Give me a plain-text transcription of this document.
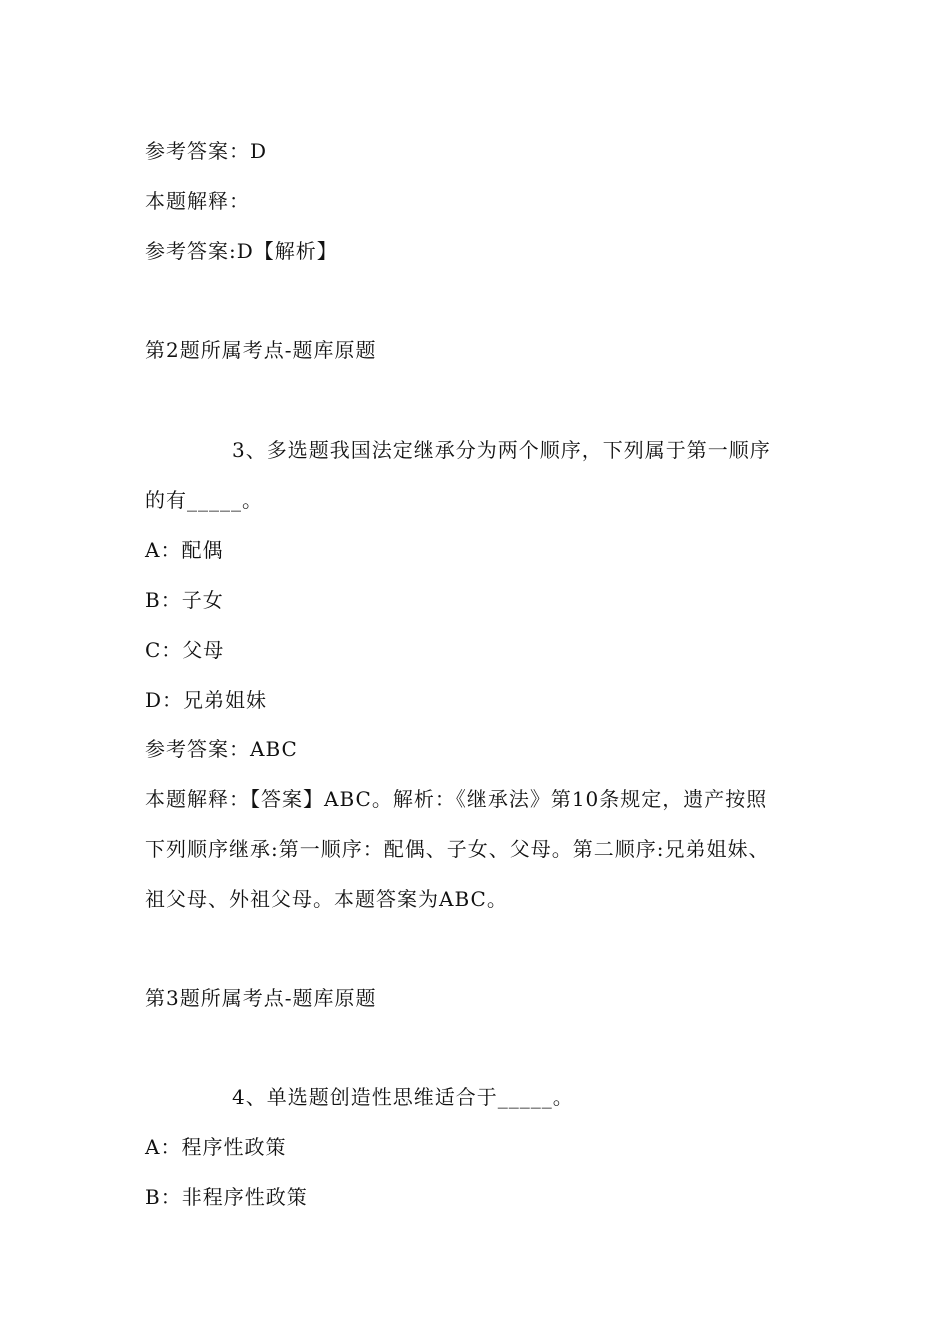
参考答案：D
本题解释：
参考答案:D【解析】
第2题所属考点-题库原题
3、多选题我国法定继承分为两个顺序，下列属于第一顺序
的有_____。
A：配偶
B：子女
C：父母
D：兄弟姐妹
参考答案：ABC
本题解释：【答案】ABC。解析：《继承法》第10条规定，遗产按照
下列顺序继承:第一顺序：配偶、子女、父母。第二顺序:兄弟姐妹、
祖父母、外祖父母。本题答案为ABC。
第3题所属考点-题库原题
4、单选题创造性思维适合于_____。
A：程序性政策
B：非程序性政策
